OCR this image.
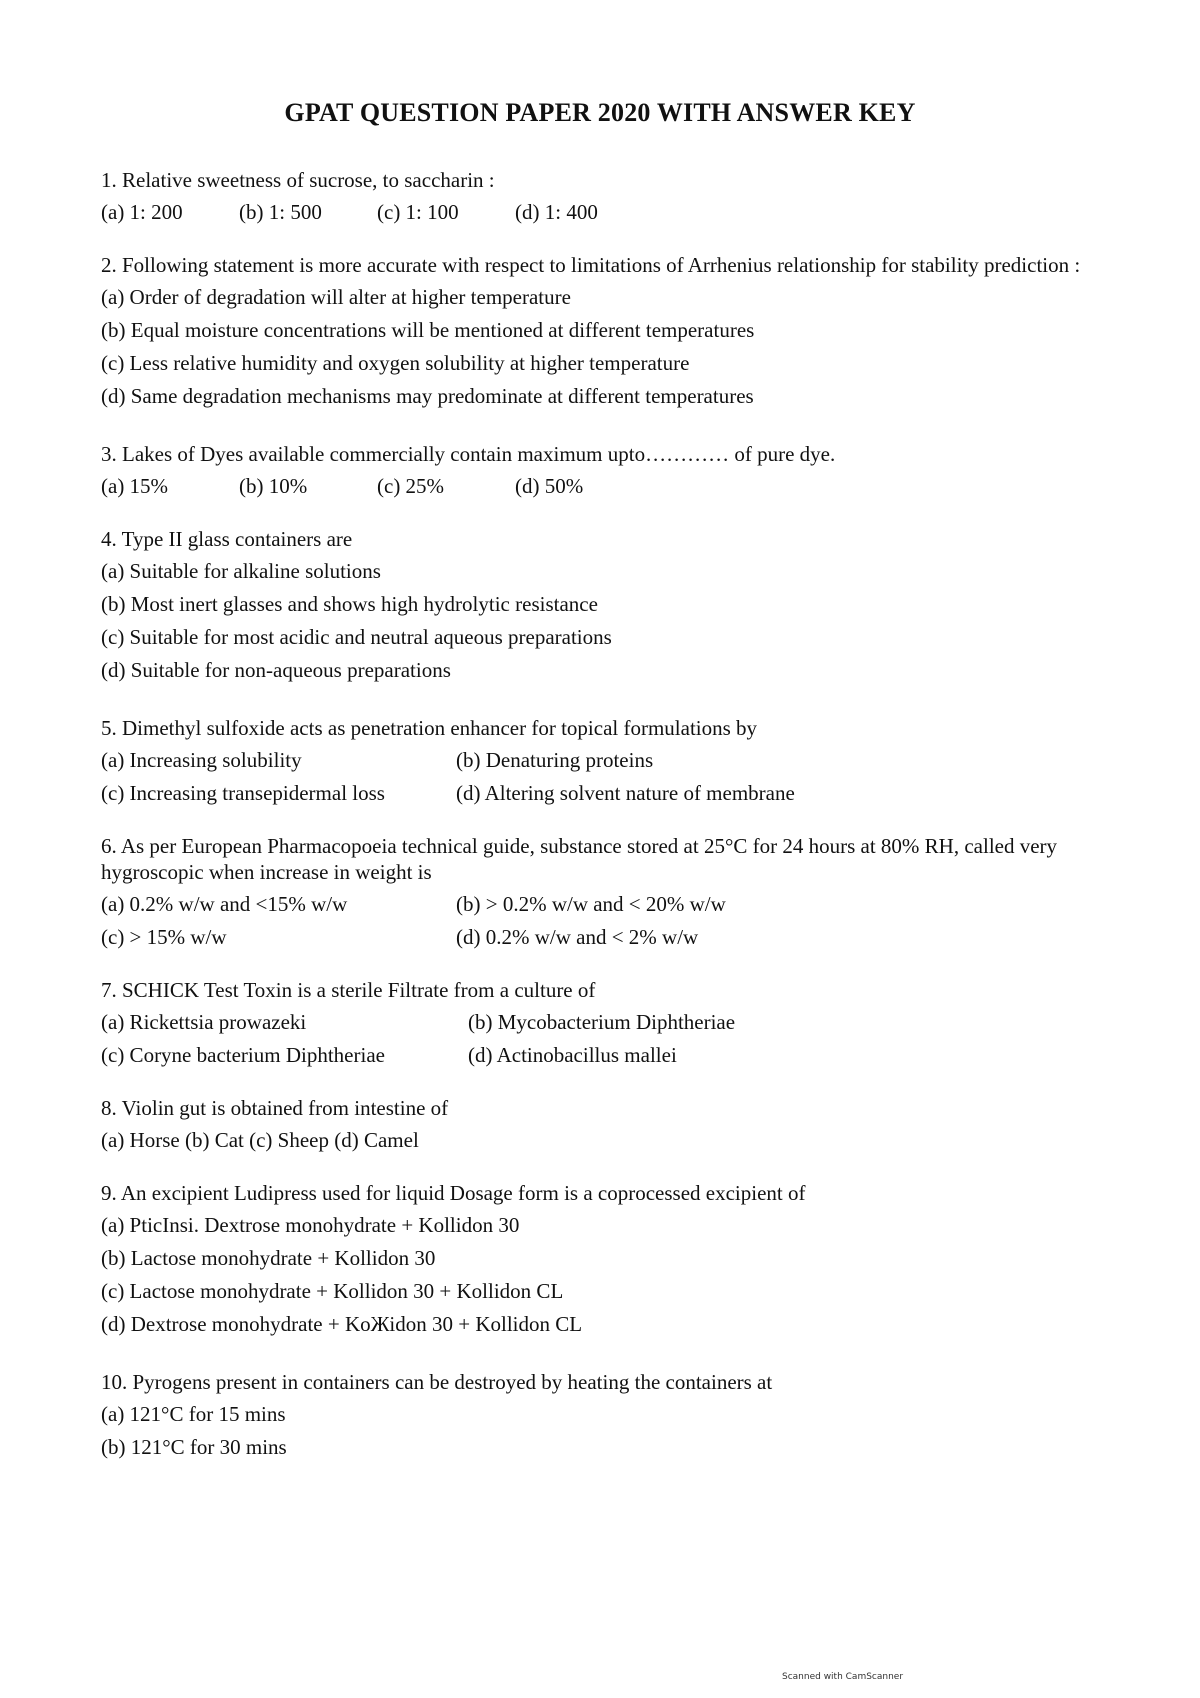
GPAT QUESTION PAPER 2020 WITH ANSWER KEY
1. Relative sweetness of sucrose, to saccharin :
(a) 1: 200	(b) 1: 500	(c) 1: 100	(d) 1: 400
2. Following statement is more accurate with respect to limitations of Arrhenius relationship for stability prediction :
(a) Order of degradation will alter at higher temperature
(b) Equal moisture concentrations will be mentioned at different temperatures
(c) Less relative humidity and oxygen solubility at higher temperature
(d) Same degradation mechanisms may predominate at different temperatures
3. Lakes of Dyes available commercially contain maximum upto………… of pure dye.
(a) 15%	(b) 10%	(c) 25%	(d) 50%
4. Type II glass containers are
(a) Suitable for alkaline solutions
(b) Most inert glasses and shows high hydrolytic resistance
(c) Suitable for most acidic and neutral aqueous preparations
(d) Suitable for non-aqueous preparations
5. Dimethyl sulfoxide acts as penetration enhancer for topical formulations by
(a) Increasing solubility	(b) Denaturing proteins
(c) Increasing transepidermal loss	(d) Altering solvent nature of membrane
6. As per European Pharmacopoeia technical guide, substance stored at 25°C for 24 hours at 80% RH, called very hygroscopic when increase in weight is
(a) 0.2% w/w and <15% w/w	(b) > 0.2% w/w and < 20% w/w
(c) > 15% w/w	(d) 0.2% w/w and < 2% w/w
7. SCHICK Test Toxin is a sterile Filtrate from a culture of
(a) Rickettsia prowazeki	(b) Mycobacterium Diphtheriae
(c) Coryne bacterium Diphtheriae	(d) Actinobacillus mallei
8. Violin gut is obtained from intestine of
(a) Horse (b) Cat (c) Sheep (d) Camel
9. An excipient Ludipress used for liquid Dosage form is a coprocessed excipient of
(a) PticInsi. Dextrose monohydrate + Kollidon 30
(b) Lactose monohydrate + Kollidon 30
(c) Lactose monohydrate + Kollidon 30 + Kollidon CL
(d) Dextrose monohydrate + KoЖidon 30 + Kollidon CL
10. Pyrogens present in containers can be destroyed by heating the containers at
(a) 121°C for 15 mins
(b) 121°C for 30 mins
Scanned with CamScanner
